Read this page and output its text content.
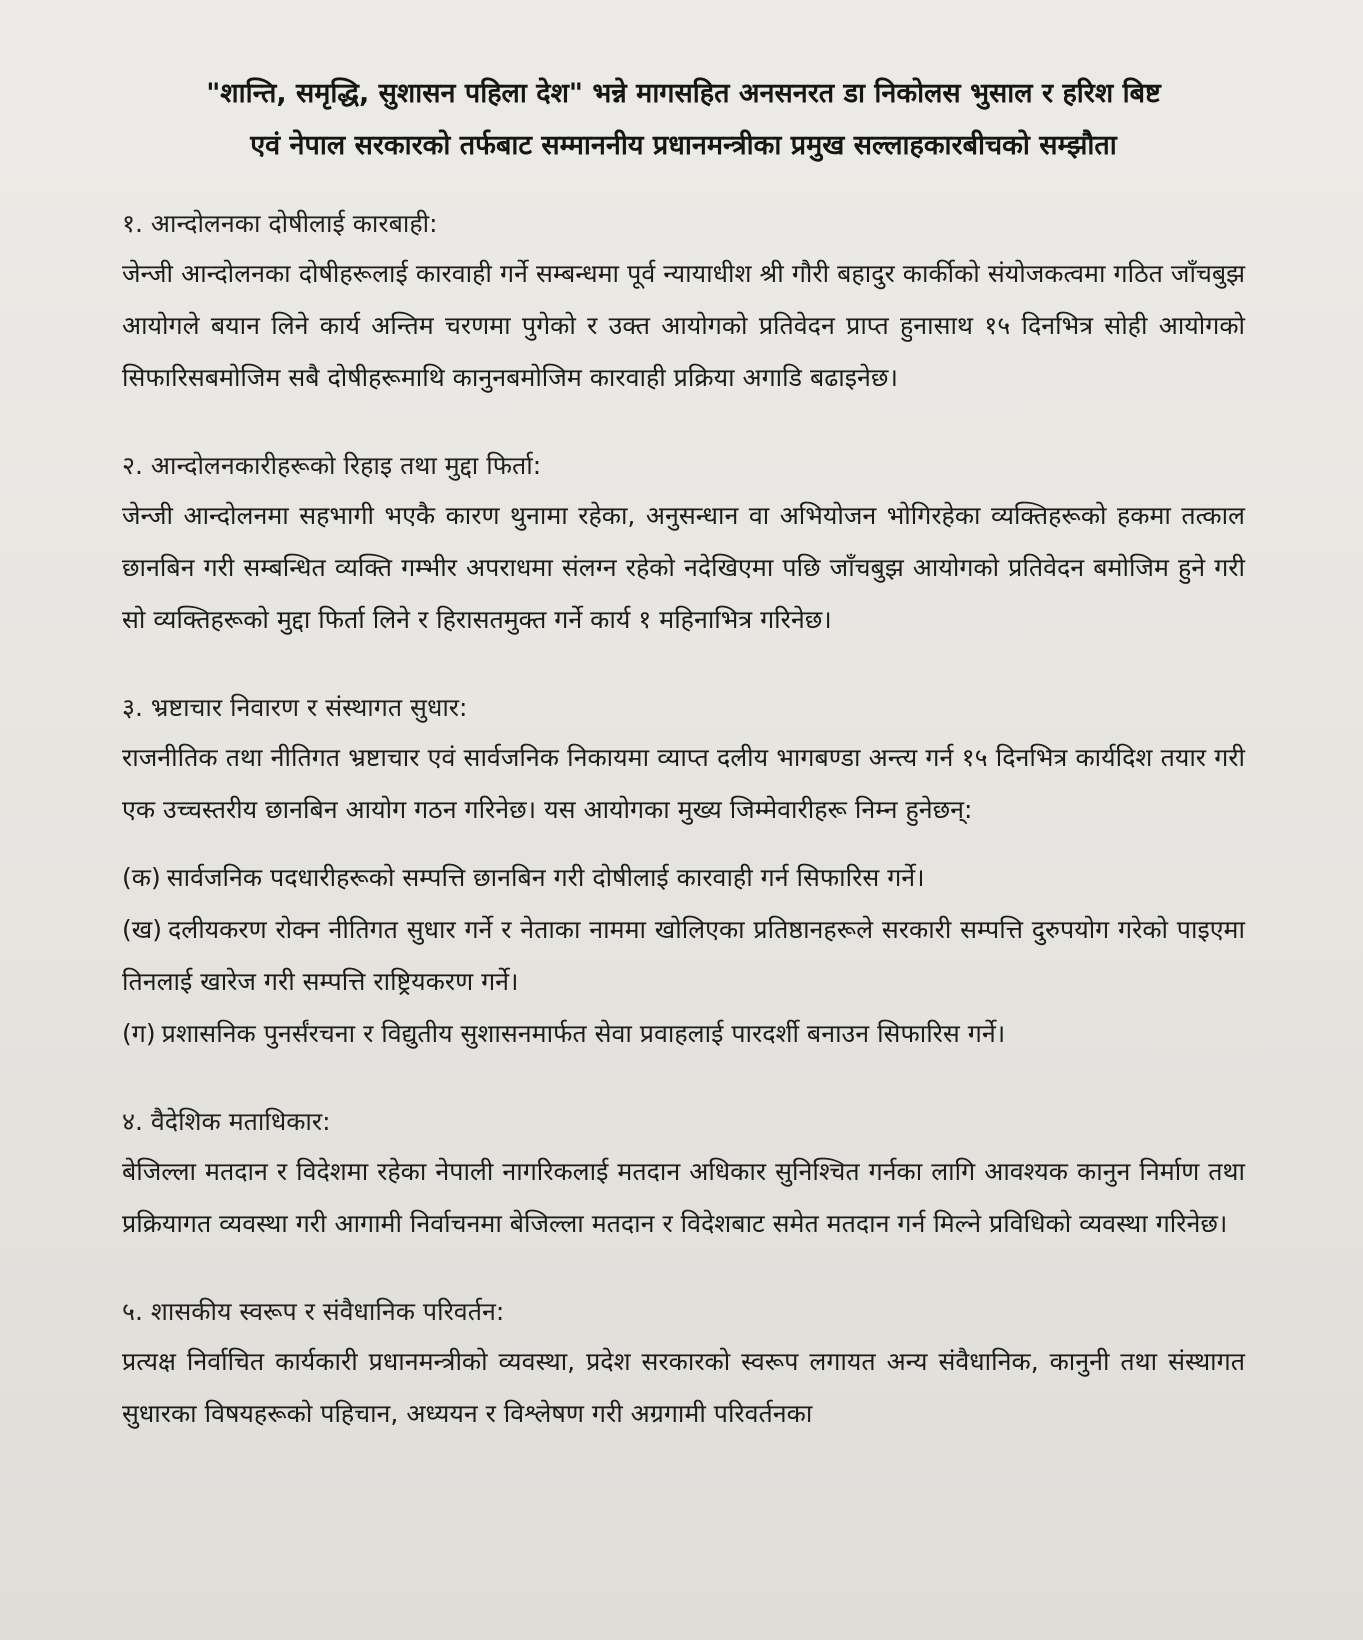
"शान्ति, समृद्धि, सुशासन पहिला देश" भन्ने मागसहित अनसनरत डा निकोलस भुसाल र हरिश बिष्ट
एवं नेपाल सरकारको तर्फबाट सम्माननीय प्रधानमन्त्रीका प्रमुख सल्लाहकारबीचको सम्झौता

१. आन्दोलनका दोषीलाई कारबाही:

जेन्जी आन्दोलनका दोषीहरूलाई कारवाही गर्ने सम्बन्धमा पूर्व न्यायाधीश श्री गौरी बहादुर कार्कीको संयोजकत्वमा गठित जाँचबुझ आयोगले बयान लिने कार्य अन्तिम चरणमा पुगेको र उक्त आयोगको प्रतिवेदन प्राप्त हुनासाथ १५ दिनभित्र सोही आयोगको सिफारिसबमोजिम सबै दोषीहरूमाथि कानुनबमोजिम कारवाही प्रक्रिया अगाडि बढाइनेछ।

२. आन्दोलनकारीहरूको रिहाइ तथा मुद्दा फिर्ता:

जेन्जी आन्दोलनमा सहभागी भएकै कारण थुनामा रहेका, अनुसन्धान वा अभियोजन भोगिरहेका व्यक्तिहरूको हकमा तत्काल छानबिन गरी सम्बन्धित व्यक्ति गम्भीर अपराधमा संलग्न रहेको नदेखिएमा पछि जाँचबुझ आयोगको प्रतिवेदन बमोजिम हुने गरी सो व्यक्तिहरूको मुद्दा फिर्ता लिने र हिरासतमुक्त गर्ने कार्य १ महिनाभित्र गरिनेछ।

३. भ्रष्टाचार निवारण र संस्थागत सुधार:

राजनीतिक तथा नीतिगत भ्रष्टाचार एवं सार्वजनिक निकायमा व्याप्त दलीय भागबण्डा अन्त्य गर्न १५ दिनभित्र कार्यदिश तयार गरी एक उच्चस्तरीय छानबिन आयोग गठन गरिनेछ। यस आयोगका मुख्य जिम्मेवारीहरू निम्न हुनेछन्:

(क) सार्वजनिक पदधारीहरूको सम्पत्ति छानबिन गरी दोषीलाई कारवाही गर्न सिफारिस गर्ने।
(ख) दलीयकरण रोक्न नीतिगत सुधार गर्ने र नेताका नाममा खोलिएका प्रतिष्ठानहरूले सरकारी सम्पत्ति दुरुपयोग गरेको पाइएमा तिनलाई खारेज गरी सम्पत्ति राष्ट्रियकरण गर्ने।
(ग) प्रशासनिक पुनर्संरचना र विद्युतीय सुशासनमार्फत सेवा प्रवाहलाई पारदर्शी बनाउन सिफारिस गर्ने।

४. वैदेशिक मताधिकार:

बेजिल्ला मतदान र विदेशमा रहेका नेपाली नागरिकलाई मतदान अधिकार सुनिश्चित गर्नका लागि आवश्यक कानुन निर्माण तथा प्रक्रियागत व्यवस्था गरी आगामी निर्वाचनमा बेजिल्ला मतदान र विदेशबाट समेत मतदान गर्न मिल्ने प्रविधिको व्यवस्था गरिनेछ।

५. शासकीय स्वरूप र संवैधानिक परिवर्तन:

प्रत्यक्ष निर्वाचित कार्यकारी प्रधानमन्त्रीको व्यवस्था, प्रदेश सरकारको स्वरूप लगायत अन्य संवैधानिक, कानुनी तथा संस्थागत सुधारका विषयहरूको पहिचान, अध्ययन र विश्लेषण गरी अग्रगामी परिवर्तनका
